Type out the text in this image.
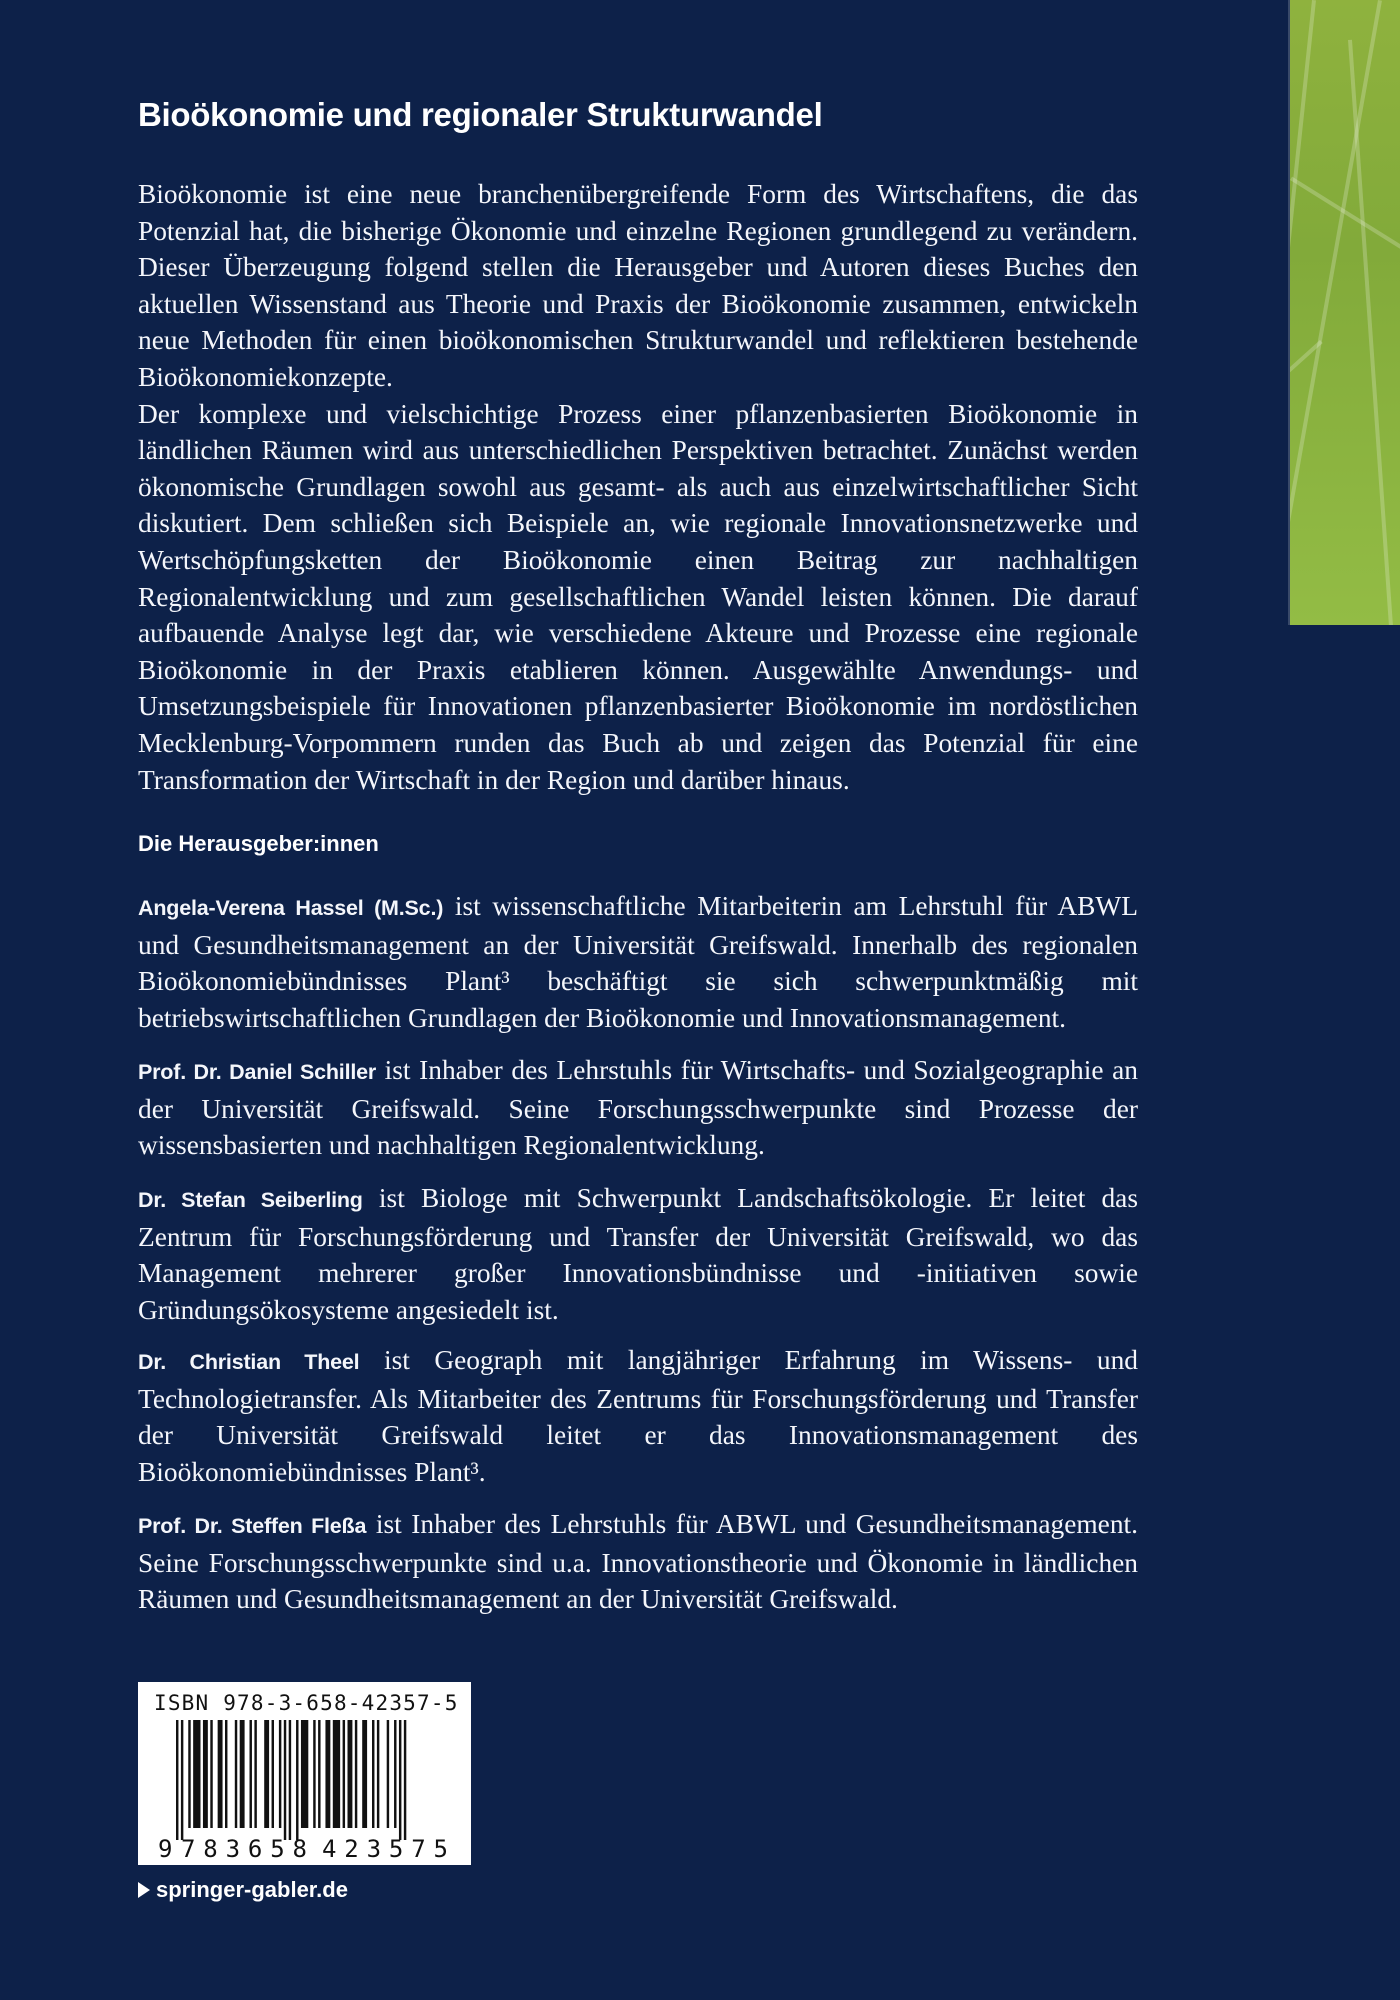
Bioökonomie und regionaler Strukturwandel

Bioökonomie ist eine neue branchenübergreifende Form des Wirtschaftens, die das Potenzial hat, die bisherige Ökonomie und einzelne Regionen grundlegend zu verändern. Dieser Überzeugung folgend stellen die Herausgeber und Autoren dieses Buches den aktuellen Wissenstand aus Theorie und Praxis der Bioökonomie zusammen, entwickeln neue Methoden für einen bioökonomischen Strukturwandel und reflektieren bestehende Bioökonomiekonzepte.

Der komplexe und vielschichtige Prozess einer pflanzenbasierten Bioökonomie in ländlichen Räumen wird aus unterschiedlichen Perspektiven betrachtet. Zunächst werden ökonomische Grundlagen sowohl aus gesamt- als auch aus einzelwirtschaftlicher Sicht diskutiert. Dem schließen sich Beispiele an, wie regionale Innovationsnetzwerke und Wertschöpfungsketten der Bioökonomie einen Beitrag zur nachhaltigen Regionalentwicklung und zum gesellschaftlichen Wandel leisten können. Die darauf aufbauende Analyse legt dar, wie verschiedene Akteure und Prozesse eine regionale Bioökonomie in der Praxis etablieren können. Ausgewählte Anwendungs- und Umsetzungsbeispiele für Innovationen pflanzenbasierter Bioökonomie im nordöstlichen Mecklenburg-Vorpommern runden das Buch ab und zeigen das Potenzial für eine Transformation der Wirtschaft in der Region und darüber hinaus.

Die Herausgeber:innen

Angela-Verena Hassel (M.Sc.) ist wissenschaftliche Mitarbeiterin am Lehrstuhl für ABWL und Gesundheitsmanagement an der Universität Greifswald. Innerhalb des regionalen Bioökonomiebündnisses Plant³ beschäftigt sie sich schwerpunktmäßig mit betriebswirtschaftlichen Grundlagen der Bioökonomie und Innovationsmanagement.

Prof. Dr. Daniel Schiller ist Inhaber des Lehrstuhls für Wirtschafts- und Sozialgeographie an der Universität Greifswald. Seine Forschungsschwerpunkte sind Prozesse der wissensbasierten und nachhaltigen Regionalentwicklung.

Dr. Stefan Seiberling ist Biologe mit Schwerpunkt Landschaftsökologie. Er leitet das Zentrum für Forschungsförderung und Transfer der Universität Greifswald, wo das Management mehrerer großer Innovationsbündnisse und -initiativen sowie Gründungsökosysteme angesiedelt ist.

Dr. Christian Theel ist Geograph mit langjähriger Erfahrung im Wissens- und Technologietransfer. Als Mitarbeiter des Zentrums für Forschungsförderung und Transfer der Universität Greifswald leitet er das Innovationsmanagement des Bioökonomiebündnisses Plant³.

Prof. Dr. Steffen Fleßa ist Inhaber des Lehrstuhls für ABWL und Gesundheitsmanagement. Seine Forschungsschwerpunkte sind u.a. Innovationstheorie und Ökonomie in ländlichen Räumen und Gesundheitsmanagement an der Universität Greifswald.

ISBN 978-3-658-42357-5
9 783658 423575
springer-gabler.de
